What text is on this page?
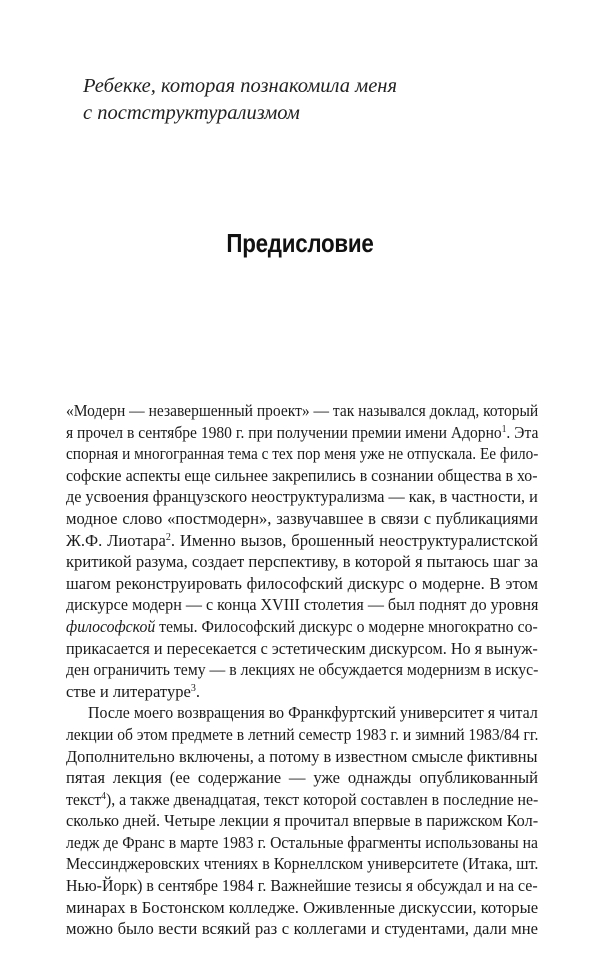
Ребекке, которая познакомила меня
с постструктурализмом
Предисловие

«Модерн — незавершенный проект» — так назывался доклад, который
я прочел в сентябре 1980 г. при получении премии имени Адорно$^1$. Эта
спорная и многогранная тема с тех пор меня уже не отпускала. Ее фило-
софские аспекты еще сильнее закрепились в сознании общества в хо-
де усвоения французского неоструктурализма — как, в частности, и
модное слово «постмодерн», зазвучавшее в связи с публикациями
Ж.Ф. Лиотара$^2$. Именно вызов, брошенный неоструктуралистской
критикой разума, создает перспективу, в которой я пытаюсь шаг за
шагом реконструировать философский дискурс о модерне. В этом
дискурсе модерн — с конца XVIII столетия — был поднят до уровня
философской темы. Философский дискурс о модерне многократно со-
прикасается и пересекается с эстетическим дискурсом. Но я вынуж-
ден ограничить тему — в лекциях не обсуждается модернизм в искус-
стве и литературе$^3$.

После моего возвращения во Франкфуртский университет я читал
лекции об этом предмете в летний семестр 1983 г. и зимний 1983/84 гг.
Дополнительно включены, а потому в известном смысле фиктивны
пятая лекция (ее содержание — уже однажды опубликованный
текст$^4$), а также двенадцатая, текст которой составлен в последние не-
сколько дней. Четыре лекции я прочитал впервые в парижском Кол-
ледж де Франс в марте 1983 г. Остальные фрагменты использованы на
Мессинджеровских чтениях в Корнеллском университете (Итака, шт.
Нью-Йорк) в сентябре 1984 г. Важнейшие тезисы я обсуждал и на се-
минарах в Бостонском колледже. Оживленные дискуссии, которые
можно было вести всякий раз с коллегами и студентами, дали мне
